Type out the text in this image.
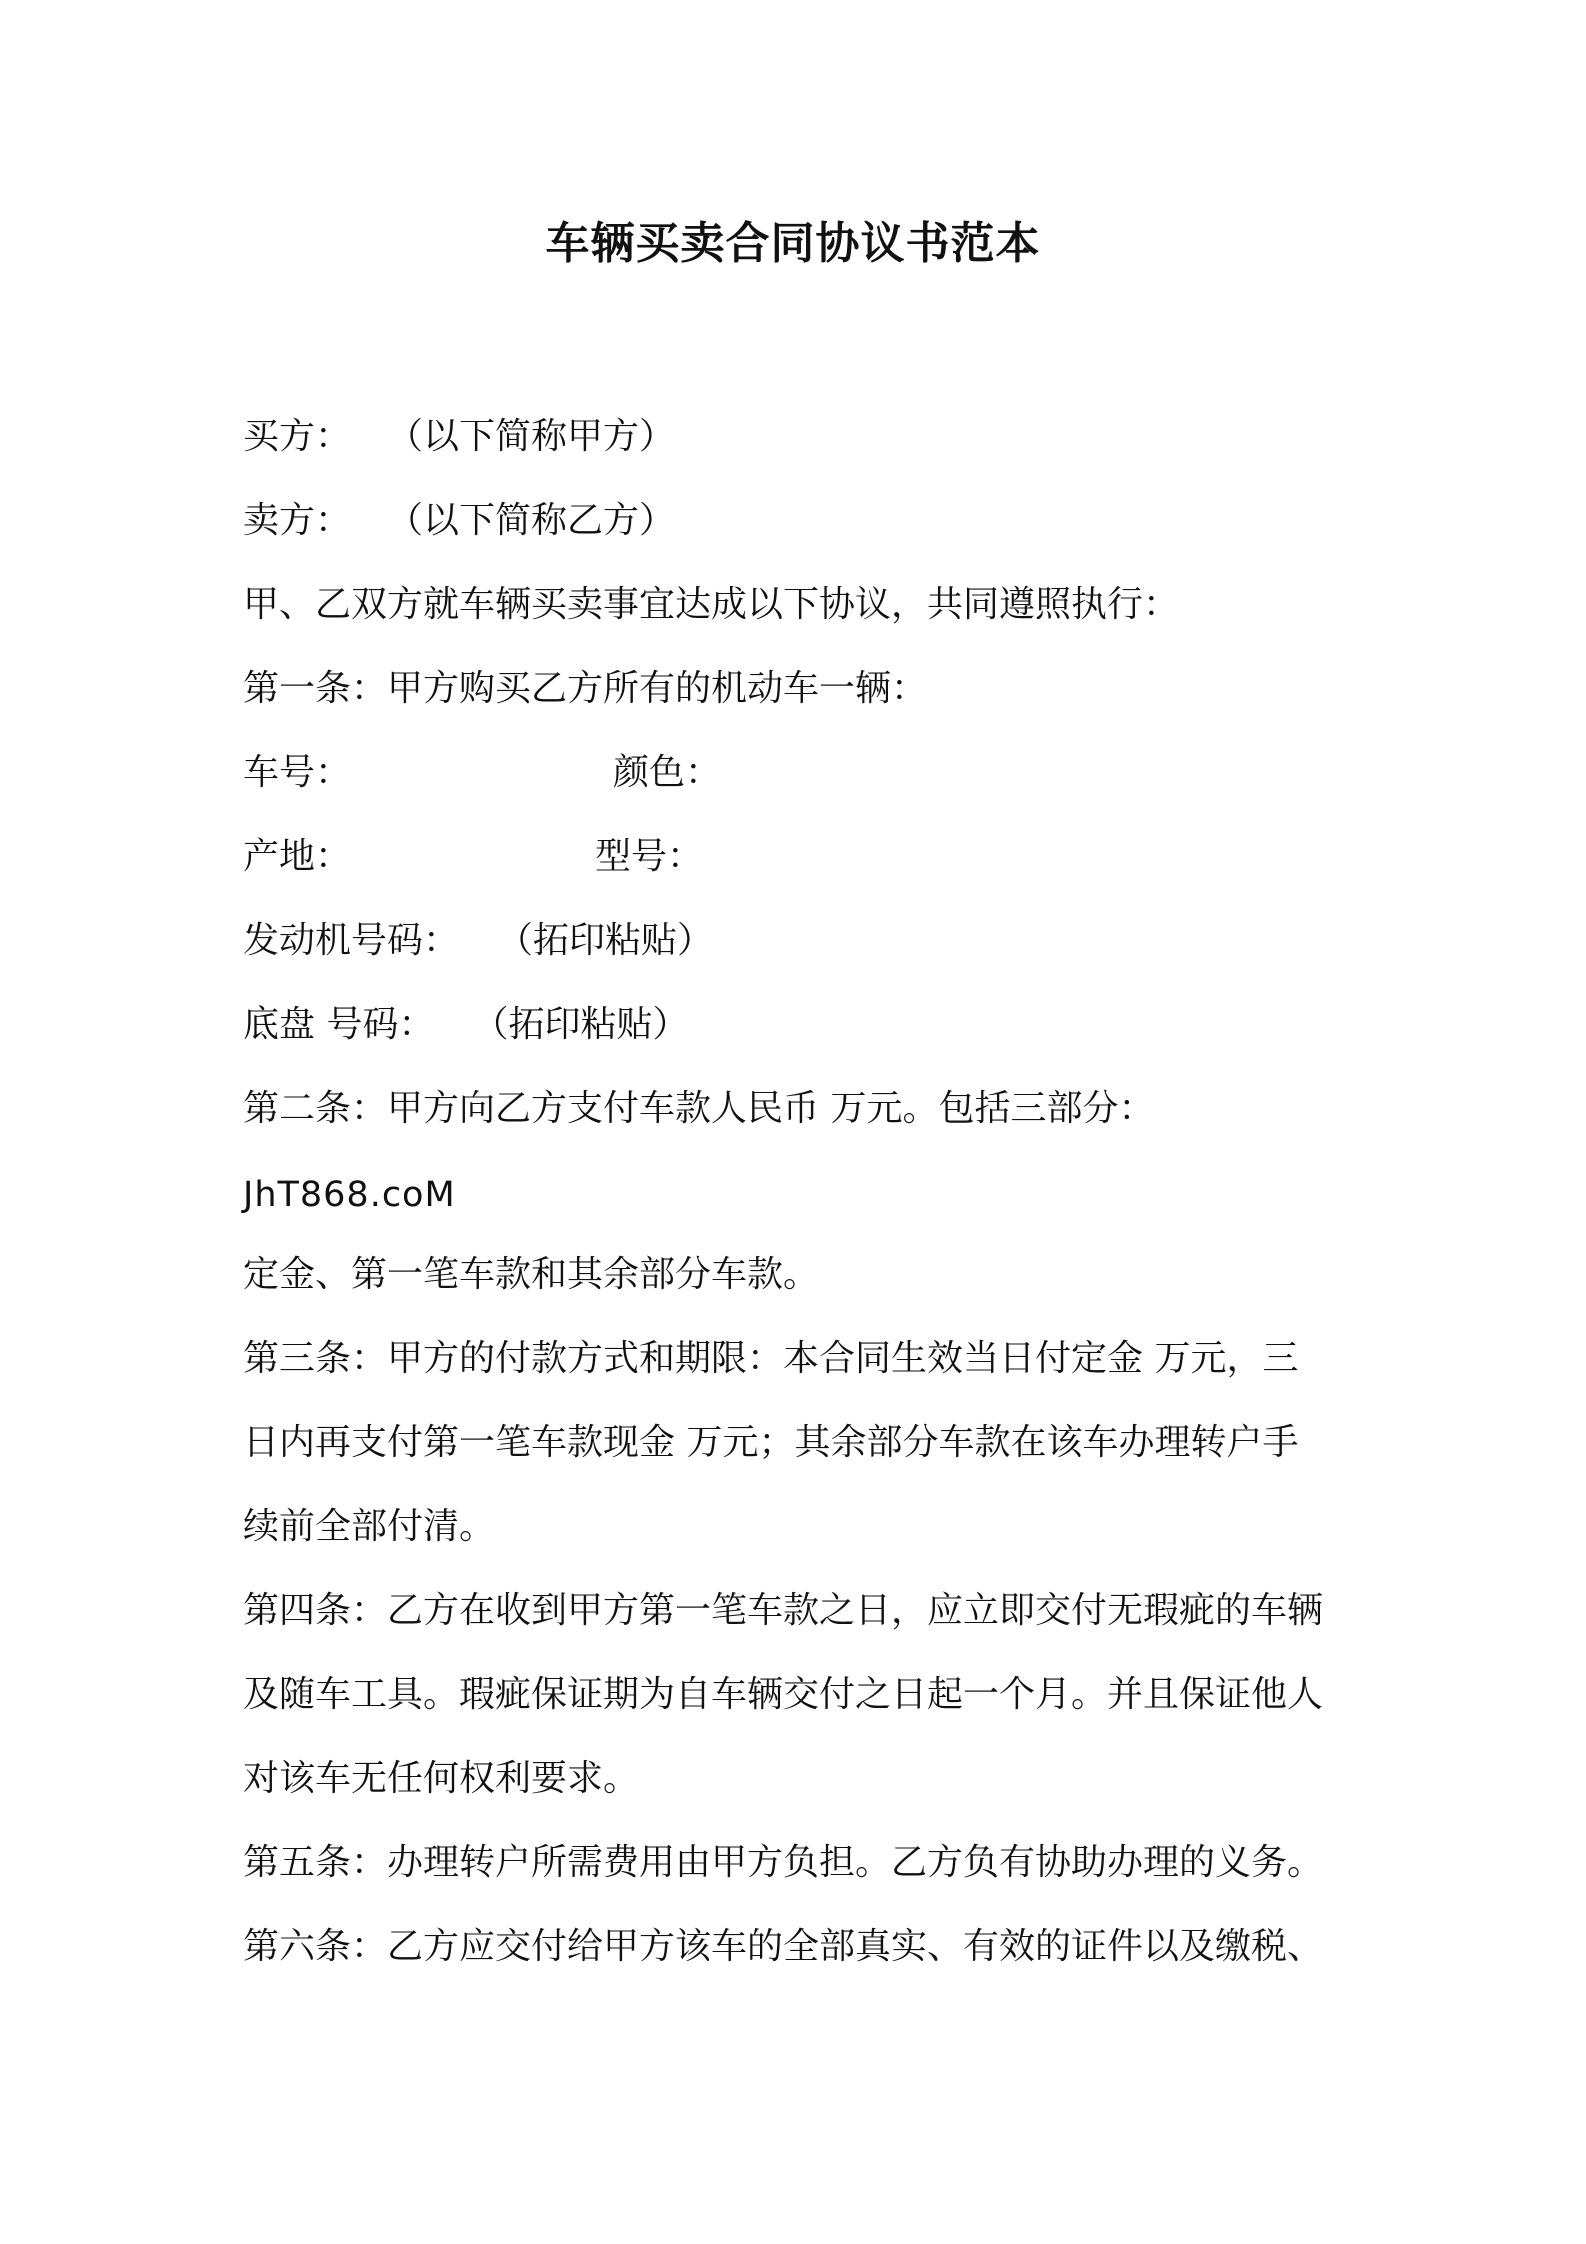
车辆买卖合同协议书范本
买方： （以下简称甲方）
卖方： （以下简称乙方）
甲、乙双方就车辆买卖事宜达成以下协议，共同遵照执行：
第一条：甲方购买乙方所有的机动车一辆：
车号：	颜色：
产地：	型号：
发动机号码： （拓印粘贴）
底盘 号码： （拓印粘贴）
第二条：甲方向乙方支付车款人民币 万元。包括三部分：
JhT868.coM
定金、第一笔车款和其余部分车款。
第三条：甲方的付款方式和期限：本合同生效当日付定金 万元，三
日内再支付第一笔车款现金 万元；其余部分车款在该车办理转户手
续前全部付清。
第四条：乙方在收到甲方第一笔车款之日，应立即交付无瑕疵的车辆
及随车工具。瑕疵保证期为自车辆交付之日起一个月。并且保证他人
对该车无任何权利要求。
第五条：办理转户所需费用由甲方负担。乙方负有协助办理的义务。
第六条：乙方应交付给甲方该车的全部真实、有效的证件以及缴税、
